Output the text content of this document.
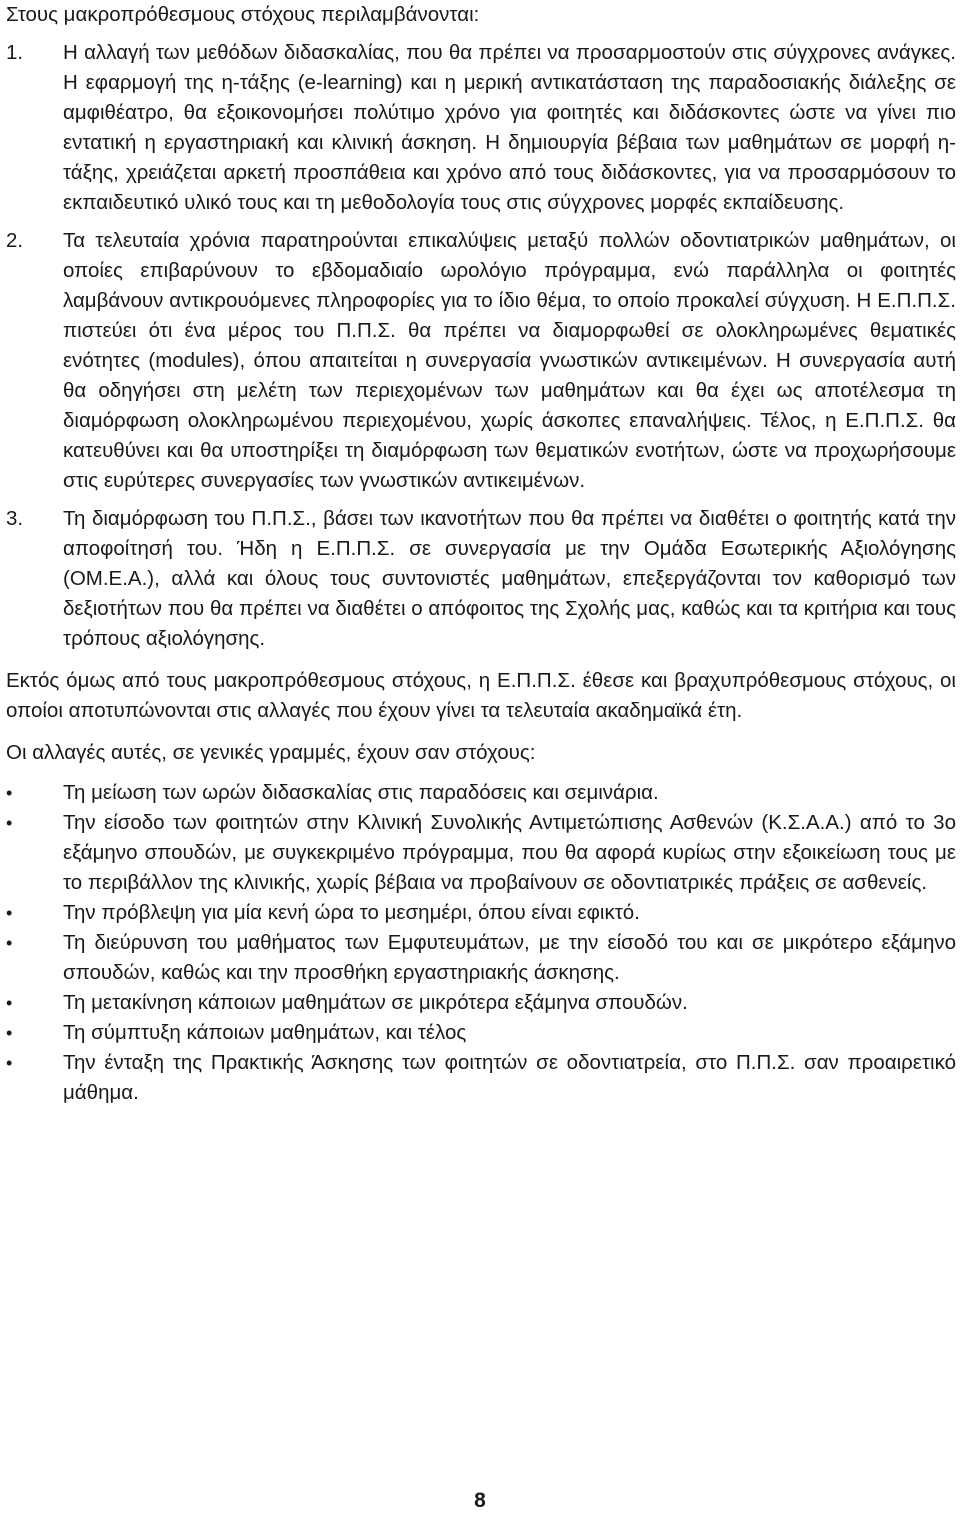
Στους μακροπρόθεσμους στόχους περιλαμβάνονται:

1.	Η αλλαγή των μεθόδων διδασκαλίας, που θα πρέπει να προσαρμοστούν στις σύγχρονες ανάγκες. Η εφαρμογή της η-τάξης (e-learning) και η μερική αντικατάσταση της παραδοσιακής διάλεξης σε αμφιθέατρο, θα εξοικονομήσει πολύτιμο χρόνο για φοιτητές και διδάσκοντες ώστε να γίνει πιο εντατική η εργαστηριακή και κλινική άσκηση. Η δημιουργία βέβαια των μαθημάτων σε μορφή η-τάξης, χρειάζεται αρκετή προσπάθεια και χρόνο από τους διδάσκοντες, για να προσαρμόσουν το εκπαιδευτικό υλικό τους και τη μεθοδολογία τους στις σύγχρονες μορφές εκπαίδευσης.

2.	Τα τελευταία χρόνια παρατηρούνται επικαλύψεις μεταξύ πολλών οδοντιατρικών μαθημάτων, οι οποίες επιβαρύνουν το εβδομαδιαίο ωρολόγιο πρόγραμμα, ενώ παράλληλα οι φοιτητές λαμβάνουν αντικρουόμενες πληροφορίες για το ίδιο θέμα, το οποίο προκαλεί σύγχυση. Η Ε.Π.Π.Σ. πιστεύει ότι ένα μέρος του Π.Π.Σ. θα πρέπει να διαμορφωθεί σε ολοκληρωμένες θεματικές ενότητες (modules), όπου απαιτείται η συνεργασία γνωστικών αντικειμένων. Η συνεργασία αυτή θα οδηγήσει στη μελέτη των περιεχομένων των μαθημάτων και θα έχει ως αποτέλεσμα τη διαμόρφωση ολοκληρωμένου περιεχομένου, χωρίς άσκοπες επαναλήψεις. Τέλος, η Ε.Π.Π.Σ. θα κατευθύνει και θα υποστηρίξει τη διαμόρφωση των θεματικών ενοτήτων, ώστε να προχωρήσουμε στις ευρύτερες συνεργασίες των γνωστικών αντικειμένων.

3.	Τη διαμόρφωση του Π.Π.Σ., βάσει των ικανοτήτων που θα πρέπει να διαθέτει ο φοιτητής κατά την αποφοίτησή του. Ήδη η Ε.Π.Π.Σ. σε συνεργασία με την Ομάδα Εσωτερικής Αξιολόγησης (ΟΜ.Ε.Α.), αλλά και όλους τους συντονιστές μαθημάτων, επεξεργάζονται τον καθορισμό των δεξιοτήτων που θα πρέπει να διαθέτει ο απόφοιτος της Σχολής μας, καθώς και τα κριτήρια και τους τρόπους αξιολόγησης.

Εκτός όμως από τους μακροπρόθεσμους στόχους, η Ε.Π.Π.Σ. έθεσε και βραχυπρόθεσμους στόχους, οι οποίοι αποτυπώνονται στις αλλαγές που έχουν γίνει τα τελευταία ακαδημαϊκά έτη.

Οι αλλαγές αυτές, σε γενικές γραμμές, έχουν σαν στόχους:

•	Τη μείωση των ωρών διδασκαλίας στις παραδόσεις και σεμινάρια.
•	Την είσοδο των φοιτητών στην Κλινική Συνολικής Αντιμετώπισης Ασθενών (Κ.Σ.Α.Α.) από το 3ο εξάμηνο σπουδών, με συγκεκριμένο πρόγραμμα, που θα αφορά κυρίως στην εξοικείωση τους με το περιβάλλον της κλινικής, χωρίς βέβαια να προβαίνουν σε οδοντιατρικές πράξεις σε ασθενείς.
•	Την πρόβλεψη για μία κενή ώρα το μεσημέρι, όπου είναι εφικτό.
•	Τη διεύρυνση του μαθήματος των Εμφυτευμάτων, με την είσοδό του και σε μικρότερο εξάμηνο σπουδών, καθώς και την προσθήκη εργαστηριακής άσκησης.
•	Τη μετακίνηση κάποιων μαθημάτων σε μικρότερα εξάμηνα σπουδών.
•	Τη σύμπτυξη κάποιων μαθημάτων, και τέλος
•	Την ένταξη της Πρακτικής Άσκησης των φοιτητών σε οδοντιατρεία, στο Π.Π.Σ. σαν προαιρετικό μάθημα.
8
